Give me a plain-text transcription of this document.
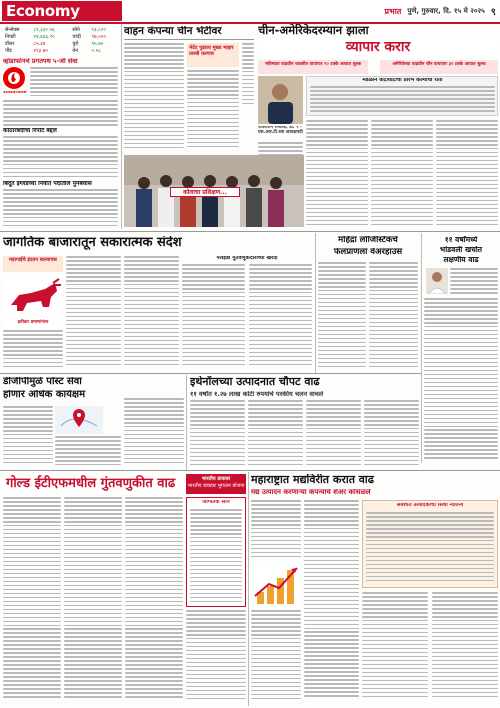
Economy	प्रभात पुणे, गुरुवार, दि. १५ मे २०२५ ९
सेन्सेक्स	८१,३३०.५६	सोने	९३,८००
निफ्टी	२४,६६६.९०	चांदी	९७,०००
डॉलर	८५.३४	युरो	९५.७०
पौंड	११३.७०	येन	०.५८
व्होडाफोनचे प्रगतपथ ५-जी सेवा
vodafone
कोठारबंदीचा रिपोर्ट बद्दल
बिंदूत इंग्लंडच्या निर्वात पदीतील पुनर्बवास
वाहन कंपन्या चीन भेटीवर
भेटेट पुढाला मुख्य माहार तारबी करणार
चीन-अमेरिकेदरम्यान झाला
व्यापार करार
भविष्यात वाढवीन व्यक्तीत वायापार ९० टक्के आयात शुल्क	अमेरिकेच्या वाढवीन चीन वायापार ३० टक्के आयात शुल्क
फीलीपीन रोनाल्ड, डी. ९ - एस.आर.टी.च्या अध्यक्षपदी
मंडळाने वाटाघाटीचा प्रारंभ केल्याची रीती
कोलाचा प्रशिक्षण...
जागतिक बाजारातून सकारात्मक संदेश
महागाईचे इंदवन बाल्याचार
हतीकर प्रमाणांनंतर
पराईडी गुंतवणुकदारांच्या खरेदी
महिंद्रा लॉजिस्टिकचे
फेलप्राणला वेअरहाउस
११ वर्षांमध्ये
भांडवली खर्चात
लक्षणीय वाढ
डीजीपीमुळे पोस्ट सेवा
होणार अधिक कार्यक्षम
इथेनॉलच्या उत्पादनात चौपट वाढ
११ वर्षांत १.२७ लाख कोटी रुपयांचे परकीय चलन वाचले
गोल्ड ईटीएफमधील गुंतवणुकीत वाढ	भारतीय डाकघर
भारतीय डाकघर भुगतान योजना
जागतिक सोने
महाराष्ट्रात मद्यविरीत करात वाढ
मद्य उत्पादन करणाऱ्या कंपन्यांचे शेअर कोसळले
संबंधित उत्पादकांची सिंधी नीतिनी
